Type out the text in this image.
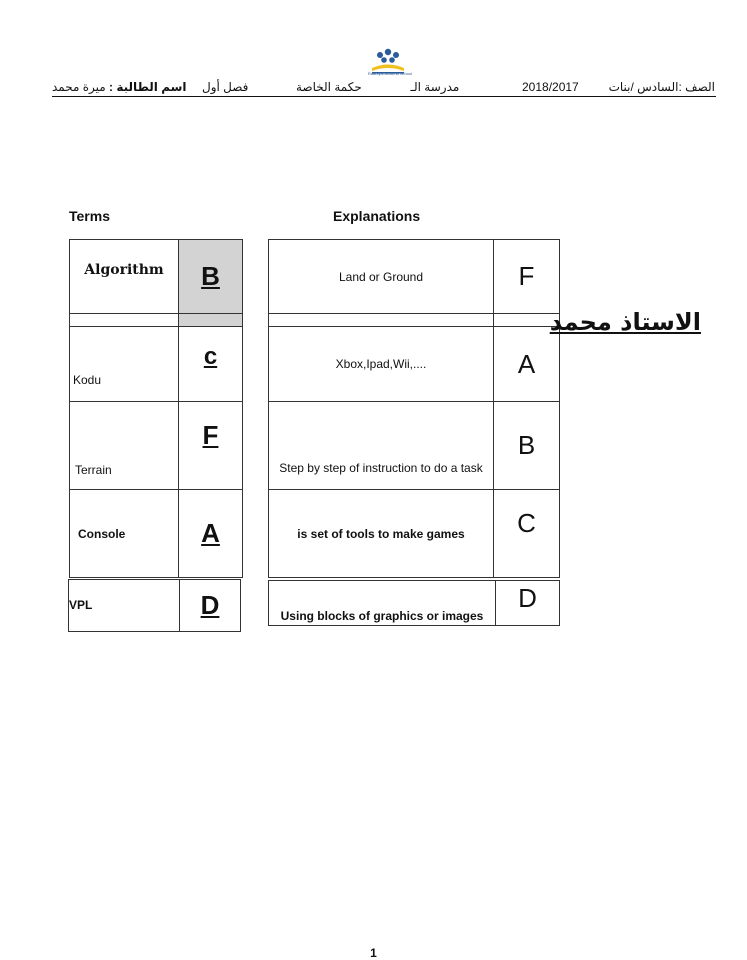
الصف :السادس /بنات
2018/2017
مدرسة الـ  حكمة الخاصة
فصل أول
اسم الطالبة : ميرة محمد
Raabiyat Alhikma School
Terms	Explanations
Algorithm	B

Kodu	c
Terrain	F
Console	A
VPL	D
Land or Ground	F

Xbox,Ipad,Wii,....	A
Step by step of instruction to do a task	B
is set of tools to make games	C
Using blocks of graphics or images	D
الاستاذ محمد
1
